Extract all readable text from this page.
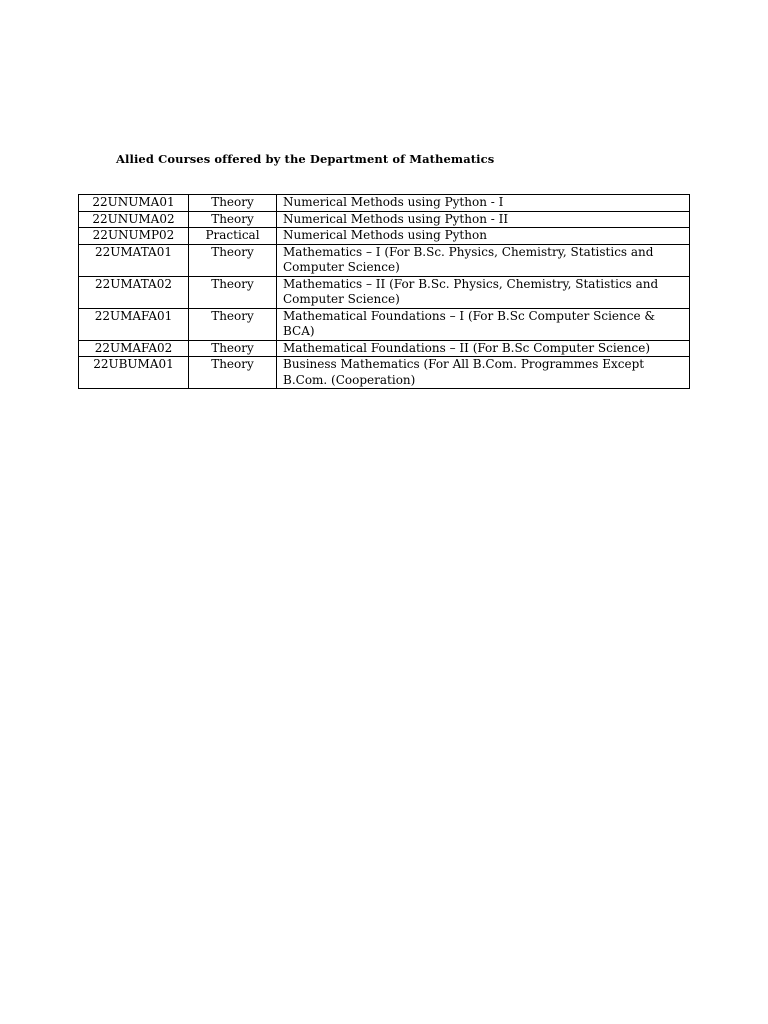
Allied Courses offered by the Department of Mathematics
22UNUMA01	Theory	Numerical Methods using Python - I
22UNUMA02	Theory	Numerical Methods using Python - II
22UNUMP02	Practical	Numerical Methods using Python
22UMATA01	Theory	Mathematics – I (For B.Sc. Physics, Chemistry, Statistics and Computer Science)
22UMATA02	Theory	Mathematics – II (For B.Sc. Physics, Chemistry, Statistics and Computer Science)
22UMAFA01	Theory	Mathematical Foundations – I (For B.Sc Computer Science & BCA)
22UMAFA02	Theory	Mathematical Foundations – II (For B.Sc Computer Science)
22UBUMA01	Theory	Business Mathematics (For All B.Com. Programmes Except B.Com. (Cooperation)
